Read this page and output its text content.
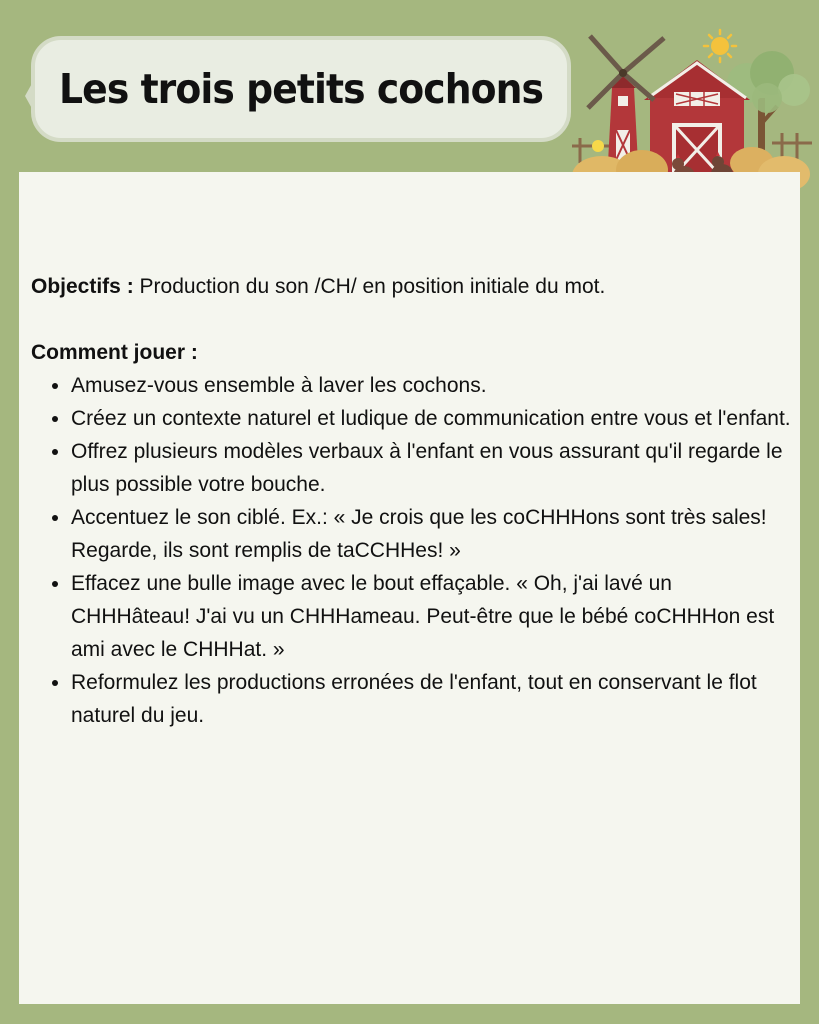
Les trois petits cochons

Objectifs : Production du son /CH/ en position initiale du mot.

Comment jouer :

• Amusez-vous ensemble à laver les cochons.
• Créez un contexte naturel et ludique de communication entre vous et l'enfant.
• Offrez plusieurs modèles verbaux à l'enfant en vous assurant qu'il regarde le plus possible votre bouche.
• Accentuez le son ciblé. Ex.: « Je crois que les coCHHHons sont très sales! Regarde, ils sont remplis de taCCHHes! »
• Effacez une bulle image avec le bout effaçable. « Oh, j'ai lavé un CHHHâteau! J'ai vu un CHHHameau. Peut-être que le bébé coCHHHon est ami avec le CHHHat. »
• Reformulez les productions erronées de l'enfant, tout en conservant le flot naturel du jeu.
